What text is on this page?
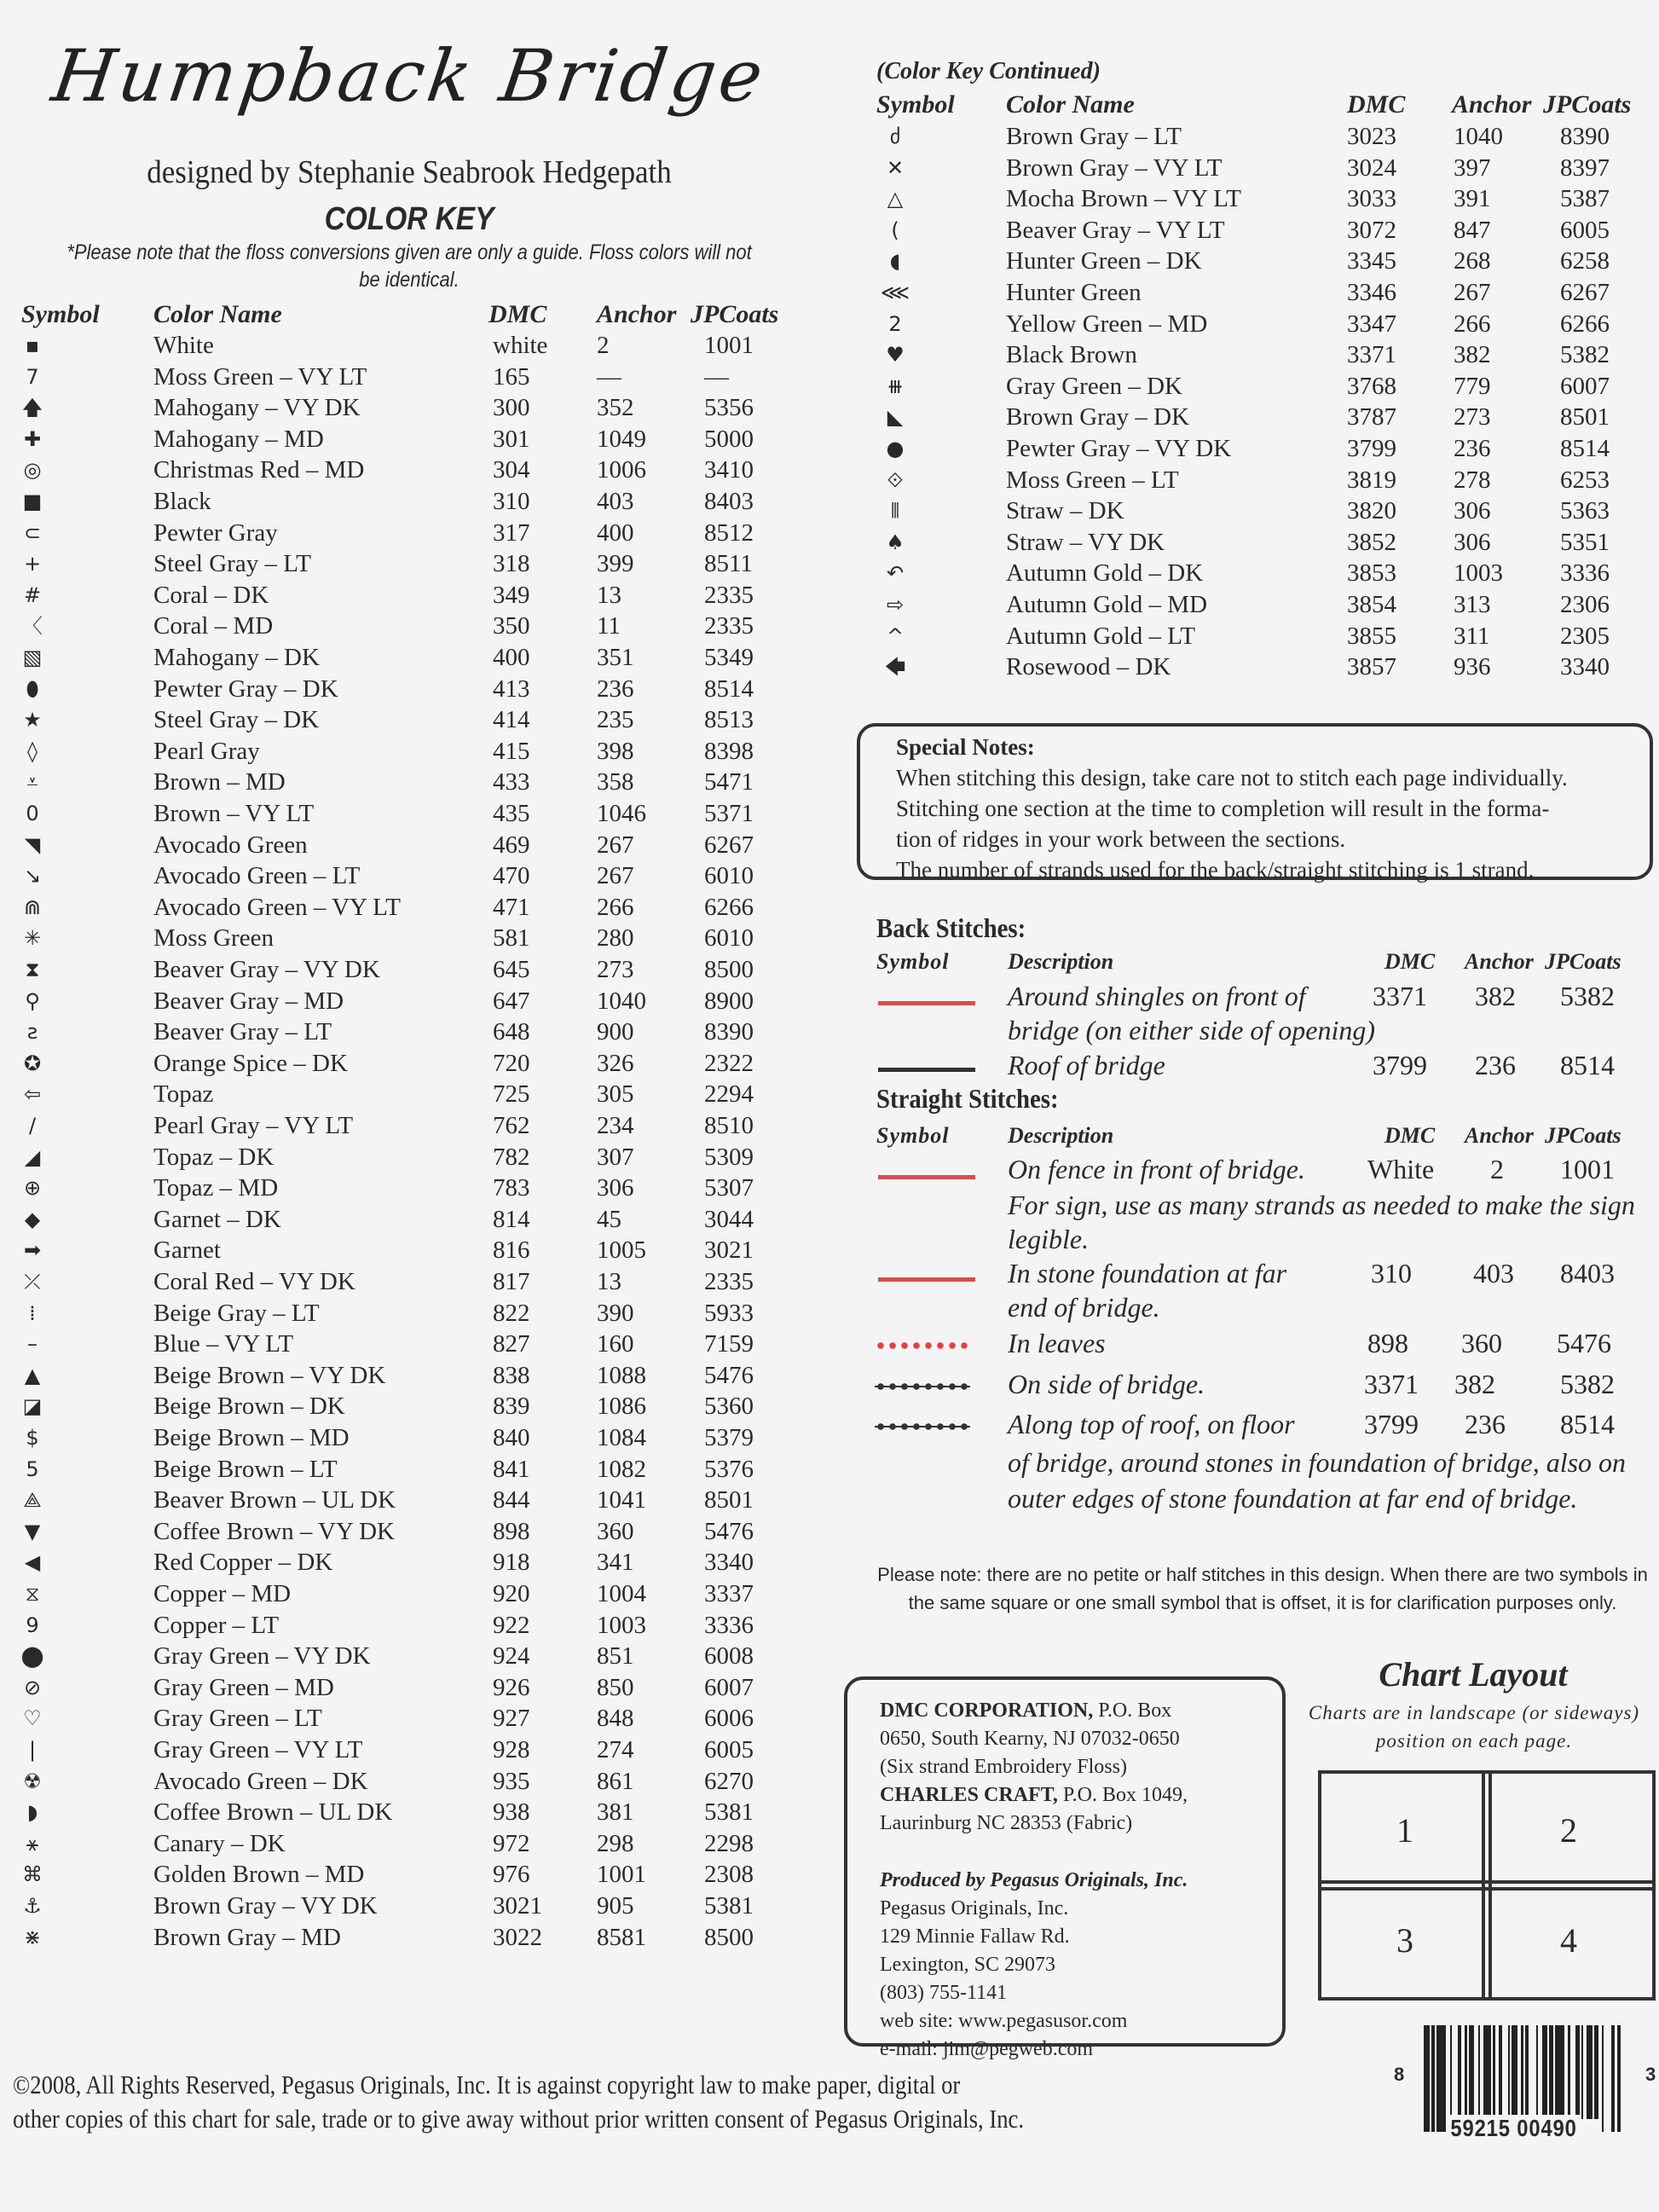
Humpback Bridge
designed by Stephanie Seabrook Hedgepath
COLOR KEY
*Please note that the floss conversions given are only a guide. Floss colors will not be identical.
Symbol Color Name	DMC Anchor JPCoats
▪	White	white 2	1001
7	Moss Green – VY LT	165	—	—
🡅	Mahogany – VY DK	300	352	5356
✚	Mahogany – MD	301	1049 5000
◎	Christmas Red – MD	304	1006 3410
■	Black	310	403	8403
⊂	Pewter Gray	317	400	8512
+	Steel Gray – LT	318	399	8511
#	Coral – DK	349	13	2335
〈	Coral – MD	350	11	2335
▧	Mahogany – DK	400	351	5349
⬮	Pewter Gray – DK	413	236	8514
★	Steel Gray – DK	414	235	8513
◊	Pearl Gray	415	398	8398
⩡	Brown – MD	433	358	5471
0	Brown – VY LT	435	1046 5371
◥	Avocado Green	469	267	6267
↘	Avocado Green – LT	470	267	6010
⋒	Avocado Green – VY LT	471	266	6266
✳	Moss Green	581	280	6010
⧗	Beaver Gray – VY DK	645	273	8500
⚲	Beaver Gray – MD	647	1040 8900
ƨ	Beaver Gray – LT	648	900	8390
✪	Orange Spice – DK	720	326	2322
⇦	Topaz	725	305	2294
/	Pearl Gray – VY LT	762	234	8510
◢	Topaz – DK	782	307	5309
⊕	Topaz – MD	783	306	5307
◆	Garnet – DK	814	45	3044
➡	Garnet	816	1005 3021
⤫	Coral Red – VY DK	817	13	2335
⁞	Beige Gray – LT	822	390	5933
–	Blue – VY LT	827	160	7159
▲	Beige Brown – VY DK	838	1088 5476
◪	Beige Brown – DK	839	1086 5360
$	Beige Brown – MD	840	1084 5379
5	Beige Brown – LT	841	1082 5376
⟁	Beaver Brown – UL DK	844	1041 8501
▼	Coffee Brown – VY DK	898	360	5476
◀	Red Copper – DK	918	341	3340
⧖	Copper – MD	920	1004 3337
9	Copper – LT	922	1003 3336
⬤	Gray Green – VY DK	924	851	6008
⊘	Gray Green – MD	926	850	6007
♡	Gray Green – LT	927	848	6006
|	Gray Green – VY LT	928	274	6005
☢	Avocado Green – DK	935	861	6270
◗	Coffee Brown – UL DK	938	381	5381
⚹	Canary – DK	972	298	2298
⌘	Golden Brown – MD	976	1001 2308
⚓	Brown Gray – VY DK	3021 905	5381
⋇	Brown Gray – MD	3022 8581 8500
(Color Key Continued)
Symbol Color Name	DMC Anchor JPCoats
ძ	Brown Gray – LT	3023 1040 8390
✕	Brown Gray – VY LT	3024 397	8397
△	Mocha Brown – VY LT	3033 391	5387
(	Beaver Gray – VY LT	3072 847	6005
◖	Hunter Green – DK	3345 268	6258
⋘	Hunter Green	3346 267	6267
2	Yellow Green – MD	3347 266	6266
♥	Black Brown	3371 382	5382
⧻	Gray Green – DK	3768 779	6007
◣	Brown Gray – DK	3787 273	8501
●	Pewter Gray – VY DK	3799 236	8514
⟐	Moss Green – LT	3819 278	6253
⦀	Straw – DK	3820 306	5363
♠	Straw – VY DK	3852 306	5351
↶	Autumn Gold – DK	3853 1003 3336
⇨	Autumn Gold – MD	3854 313	2306
^	Autumn Gold – LT	3855 311	2305
🡄	Rosewood – DK	3857 936	3340
Special Notes:
When stitching this design, take care not to stitch each page individually.
Stitching one section at the time to completion will result in the forma-
tion of ridges in your work between the sections.
The number of strands used for the back/straight stitching is 1 strand.
Back Stitches:
Symbol	Description	DMC Anchor JPCoats
Around shingles on front of
bridge (on either side of opening)
3371 382 5382
Roof of bridge	3799 236 8514
Straight Stitches:
Symbol	Description	DMC Anchor JPCoats
On fence in front of bridge.
For sign, use as many strands as needed to make the sign legible.
White 2 1001
In stone foundation at far
end of bridge.
310 403 8403
In leaves	898 360 5476
On side of bridge.	3371 382 5382
Along top of roof, on floor
of bridge, around stones in foundation of bridge, also on outer edges of stone foundation at far end of bridge.
3799 236 8514
Please note: there are no petite or half stitches in this design. When there are two symbols in the same square or one small symbol that is offset, it is for clarification purposes only.
DMC CORPORATION, P.O. Box
0650, South Kearny, NJ 07032-0650
(Six strand Embroidery Floss)
CHARLES CRAFT, P.O. Box 1049,
Laurinburg NC 28353 (Fabric)
Produced by Pegasus Originals, Inc.
Pegasus Originals, Inc.
129 Minnie Fallaw Rd.
Lexington, SC 29073
(803) 755-1141
web site: www.pegasusor.com
e-mail: jim@pegweb.com
Chart Layout
Charts are in landscape (or sideways) position on each page.
1	2
3	4
©2008, All Rights Reserved, Pegasus Originals, Inc. It is against copyright law to make paper, digital or
other copies of this chart for sale, trade or to give away without prior written consent of Pegasus Originals, Inc.
8	3
59215 00490
